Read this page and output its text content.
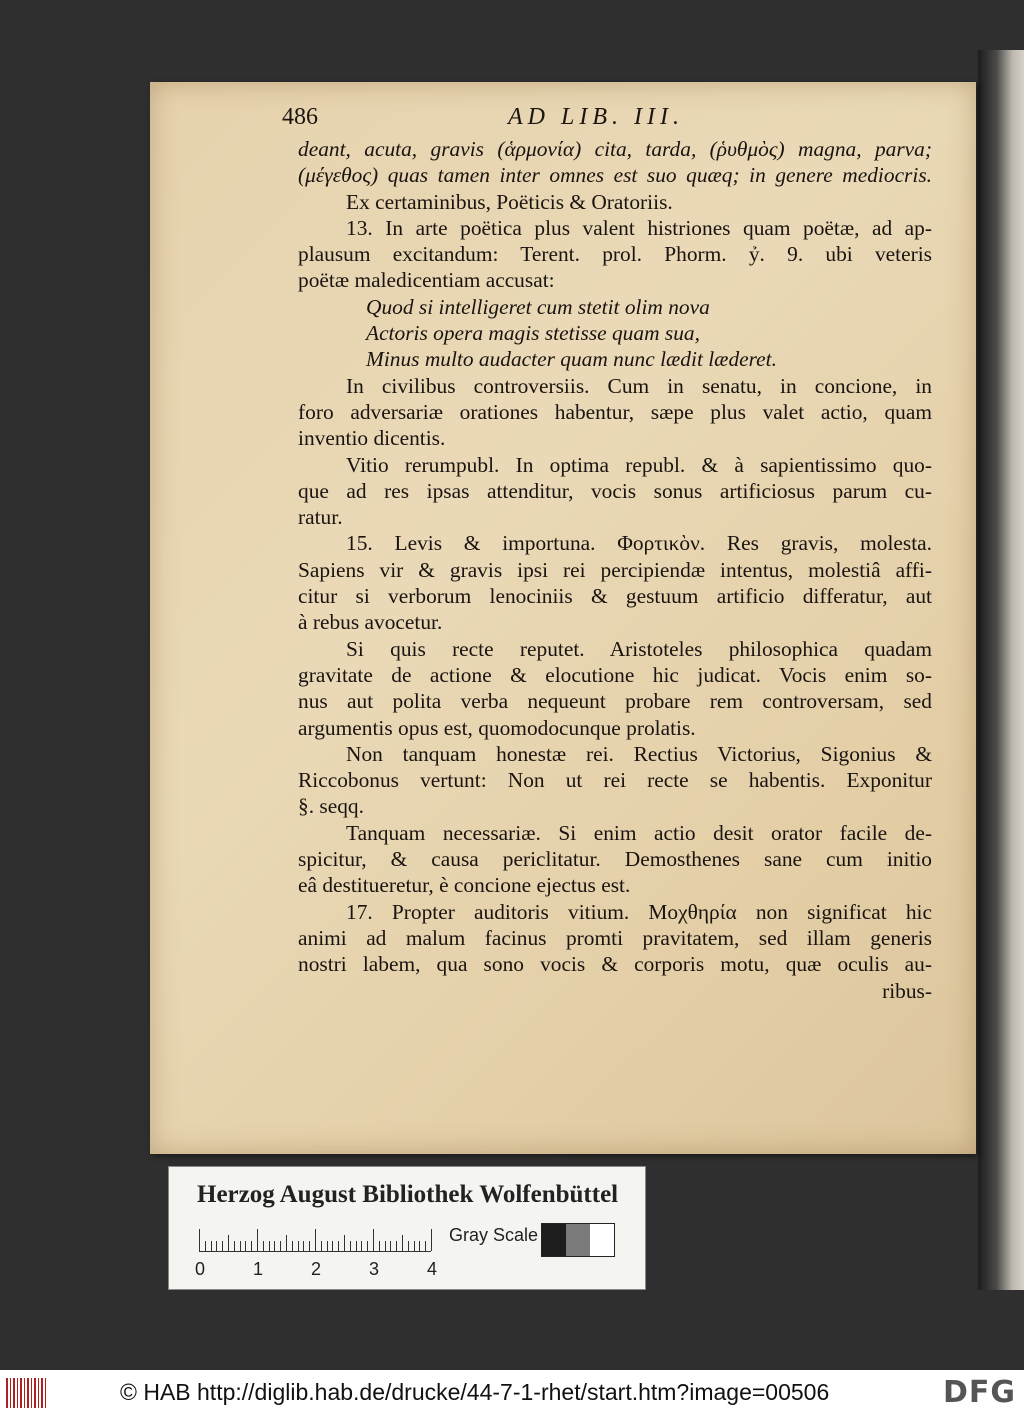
486	AD LIB. III.
deant, acuta, gravis (ἁρμονία) cita, tarda, (ῥυθμὸς) magna, parva;
(μέγεθος) quas tamen inter omnes est suo quæq; in genere mediocris.
Ex certaminibus, Poëticis & Oratoriis.
13. In arte poëtica plus valent histriones quam poëtæ, ad ap-
plausum excitandum: Terent. prol. Phorm. ỷ. 9. ubi veteris
poëtæ maledicentiam accusat:
Quod si intelligeret cum stetit olim nova
Actoris opera magis stetisse quam sua,
Minus multo audacter quam nunc lædit læderet.
In civilibus controversiis. Cum in senatu, in concione, in
foro adversariæ orationes habentur, sæpe plus valet actio, quam
inventio dicentis.
Vitio rerumpubl. In optima republ. & à sapientissimo quo-
que ad res ipsas attenditur, vocis sonus artificiosus parum cu-
ratur.
15. Levis & importuna. Φορτικὸν. Res gravis, molesta.
Sapiens vir & gravis ipsi rei percipiendæ intentus, molestiâ affi-
citur si verborum lenociniis & gestuum artificio differatur, aut
à rebus avocetur.
Si quis recte reputet. Aristoteles philosophica quadam
gravitate de actione & elocutione hic judicat. Vocis enim so-
nus aut polita verba nequeunt probare rem controversam, sed
argumentis opus est, quomodocunque prolatis.
Non tanquam honestæ rei. Rectius Victorius, Sigonius &
Riccobonus vertunt: Non ut rei recte se habentis. Exponitur
§. seqq.
Tanquam necessariæ. Si enim actio desit orator facile de-
spicitur, & causa periclitatur. Demosthenes sane cum initio
eâ destitueretur, è concione ejectus est.
17. Propter auditoris vitium. Μοχθηρία non significat hic
animi ad malum facinus promti pravitatem, sed illam generis
nostri labem, qua sono vocis & corporis motu, quæ oculis au-
ribus-
Herzog August Bibliothek Wolfenbüttel
Gray Scale
0	1	2	3	4
© HAB http://diglib.hab.de/drucke/44-7-1-rhet/start.htm?image=00506	DFG
